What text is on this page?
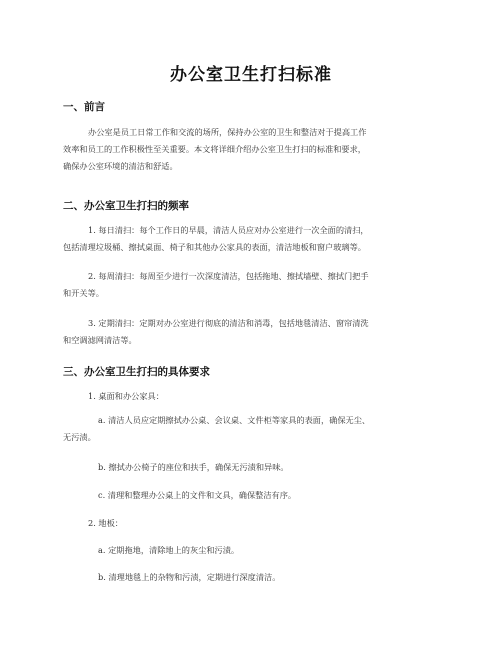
办公室卫生打扫标准
一、前言
办公室是员工日常工作和交流的场所，保持办公室的卫生和整洁对于提高工作
效率和员工的工作积极性至关重要。本文将详细介绍办公室卫生打扫的标准和要求，
确保办公室环境的清洁和舒适。
二、办公室卫生打扫的频率
1. 每日清扫：每个工作日的早晨，清洁人员应对办公室进行一次全面的清扫，
包括清理垃圾桶、擦拭桌面、椅子和其他办公家具的表面，清洁地板和窗户玻璃等。
2. 每周清扫：每周至少进行一次深度清洁，包括拖地、擦拭墙壁、擦拭门把手
和开关等。
3. 定期清扫：定期对办公室进行彻底的清洁和消毒，包括地毯清洁、窗帘清洗
和空调滤网清洁等。
三、办公室卫生打扫的具体要求
1. 桌面和办公家具：
a. 清洁人员应定期擦拭办公桌、会议桌、文件柜等家具的表面，确保无尘、
无污渍。
b. 擦拭办公椅子的座位和扶手，确保无污渍和异味。
c. 清理和整理办公桌上的文件和文具，确保整洁有序。
2. 地板：
a. 定期拖地，清除地上的灰尘和污渍。
b. 清理地毯上的杂物和污渍，定期进行深度清洁。
